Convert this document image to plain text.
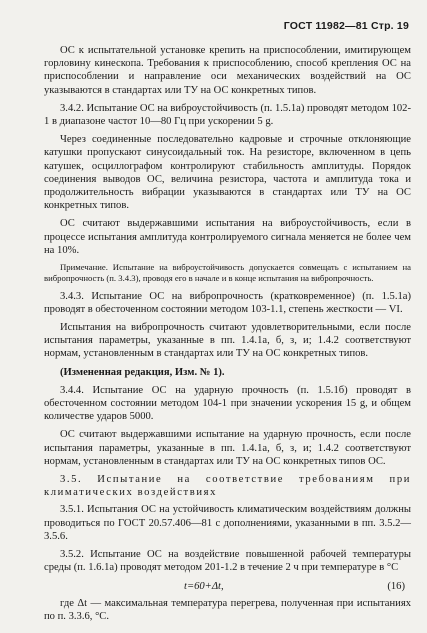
ГОСТ 11982—81 Стр. 19

ОС к испытательной установке крепить на приспособлении, имитирующем горловину кинескопа. Требования к приспособлению, способ крепления ОС на приспособлении и направление оси механических воздействий на ОС указываются в стандартах или ТУ на ОС конкретных типов.

3.4.2. Испытание ОС на виброустойчивость (п. 1.5.1а) проводят методом 102-1 в диапазоне частот 10—80 Гц при ускорении 5 g.

Через соединенные последовательно кадровые и строчные отклоняющие катушки пропускают синусоидальный ток. На резисторе, включенном в цепь катушек, осциллографом контролируют стабильность амплитуды. Порядок соединения выводов ОС, величина резистора, частота и амплитуда тока и продолжительность вибрации указываются в стандартах или ТУ на ОС конкретных типов.

ОС считают выдержавшими испытания на виброустойчивость, если в процессе испытания амплитуда контролируемого сигнала меняется не более чем на 10%.

Примечание. Испытание на виброустойчивость допускается совмещать с испытанием на вибропрочность (п. 3.4.3), проводя его в начале и в конце испытания на вибропрочность.

3.4.3. Испытание ОС на вибропрочность (кратковременное) (п. 1.5.1а) проводят в обесточенном состоянии методом 103-1.1, степень жесткости — VI.

Испытания на вибропрочность считают удовлетворительными, если после испытания параметры, указанные в пп. 1.4.1а, б, з, и; 1.4.2 соответствуют нормам, установленным в стандартах или ТУ на ОС конкретных типов.

(Измененная редакция, Изм. № 1).

3.4.4. Испытание ОС на ударную прочность (п. 1.5.1б) проводят в обесточенном состоянии методом 104-1 при значении ускорения 15 g, и общем количестве ударов 5000.

ОС считают выдержавшими испытание на ударную прочность, если после испытания параметры, указанные в пп. 1.4.1а, б, з, и; 1.4.2 соответствуют нормам, установленным в стандартах или ТУ на ОС конкретных типов ОС.

3.5. Испытание на соответствие требованиям при климатических воздействиях

3.5.1. Испытания ОС на устойчивость климатическим воздействиям должны проводиться по ГОСТ 20.57.406—81 с дополнениями, указанными в пп. 3.5.2—3.5.6.

3.5.2. Испытание ОС на воздействие повышенной рабочей температуры среды (п. 1.6.1а) проводят методом 201-1.2 в течение 2 ч при температуре в °С

t=60+Δt,	(16)

где Δt — максимальная температура перегрева, полученная при испытаниях по п. 3.3.6, °С.
